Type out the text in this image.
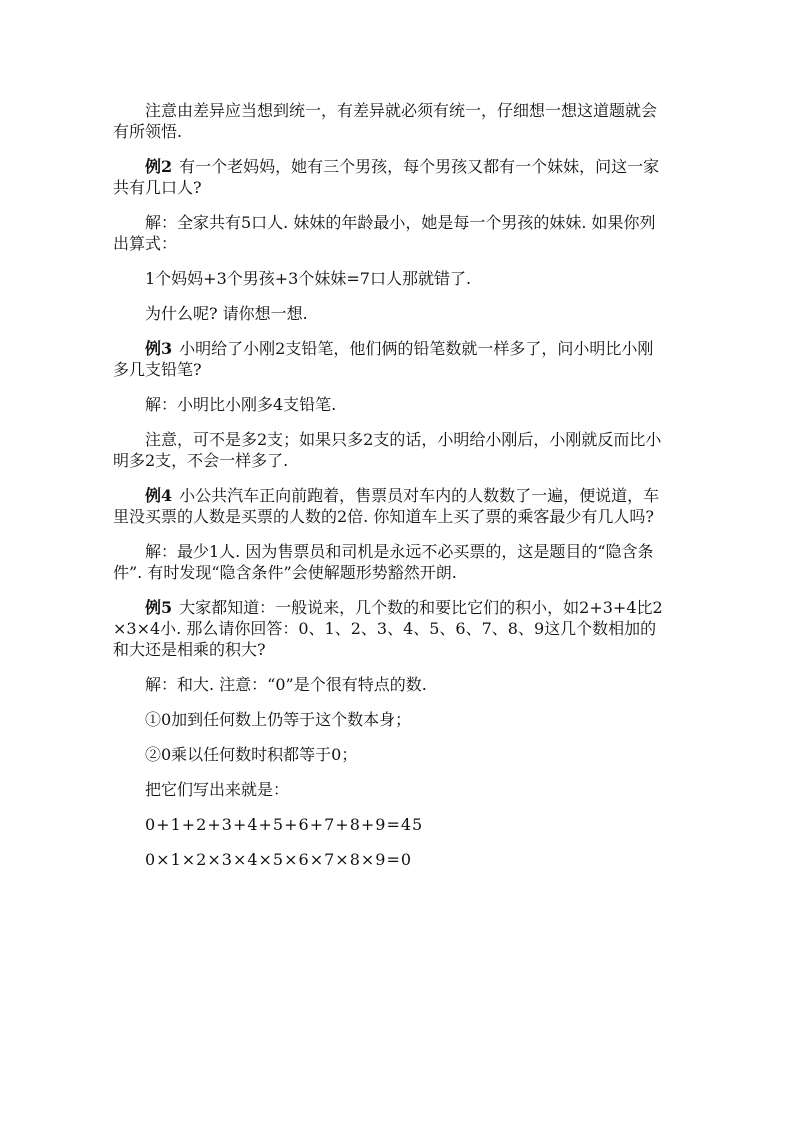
注意由差异应当想到统一，有差异就必须有统一，仔细想一想这道题就会有所领悟.

例2 有一个老妈妈，她有三个男孩，每个男孩又都有一个妹妹，问这一家共有几口人?

解：全家共有5口人. 妹妹的年龄最小，她是每一个男孩的妹妹. 如果你列出算式：

1个妈妈+3个男孩+3个妹妹=7口人那就错了.

为什么呢? 请你想一想.

例3 小明给了小刚2支铅笔，他们俩的铅笔数就一样多了，问小明比小刚多几支铅笔?

解：小明比小刚多4支铅笔.

注意，可不是多2支；如果只多2支的话，小明给小刚后，小刚就反而比小明多2支，不会一样多了.

例4 小公共汽车正向前跑着，售票员对车内的人数数了一遍，便说道，车里没买票的人数是买票的人数的2倍. 你知道车上买了票的乘客最少有几人吗?

解：最少1人. 因为售票员和司机是永远不必买票的，这是题目的“隐含条件”. 有时发现“隐含条件”会使解题形势豁然开朗.

例5 大家都知道：一般说来，几个数的和要比它们的积小，如2+3+4比2×3×4小. 那么请你回答：0、1、2、3、4、5、6、7、8、9这几个数相加的和大还是相乘的积大?

解：和大. 注意：“0”是个很有特点的数.

①0加到任何数上仍等于这个数本身；

②0乘以任何数时积都等于0；

把它们写出来就是：

0+1+2+3+4+5+6+7+8+9=45

0×1×2×3×4×5×6×7×8×9=0
